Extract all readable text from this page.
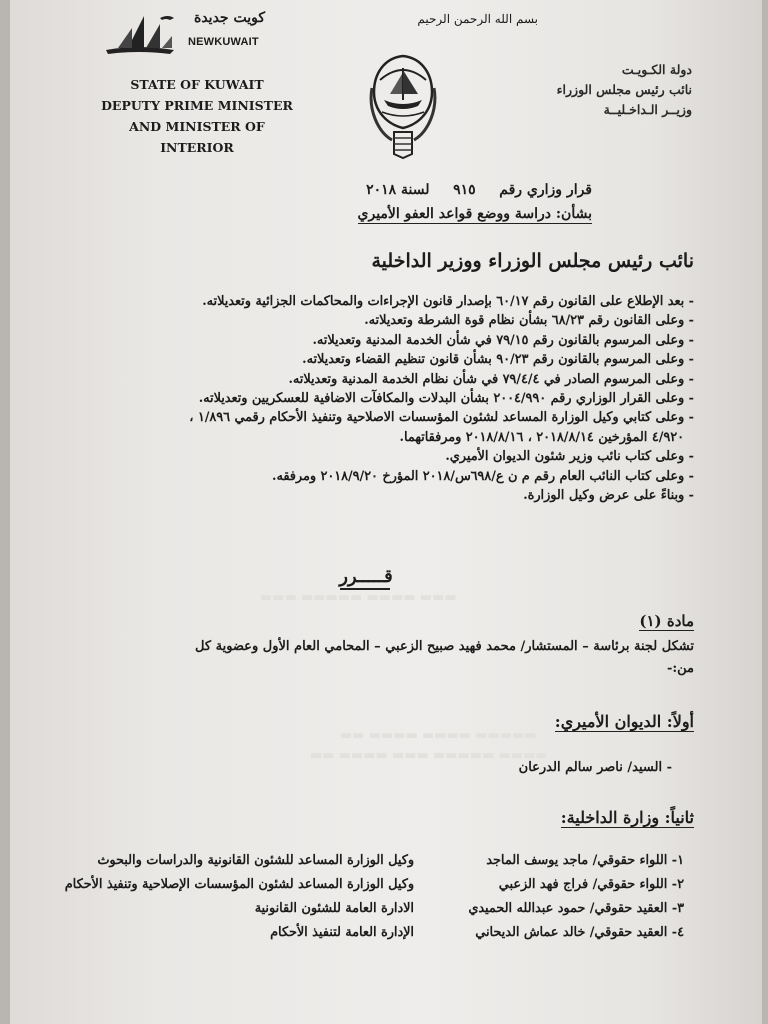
كويت جديدة
NEWKUWAIT
STATE OF KUWAIT
DEPUTY PRIME MINISTER
AND MINISTER OF INTERIOR
بسم الله الرحمن الرحيم
دولة الكـويـت
نائب رئيس مجلس الوزراء
وزيــر الـداخـليــة
قرار وزاري رقم ٩١٥ لسنة ٢٠١٨
بشأن: دراسة ووضع قواعد العفو الأميري
نائب رئيس مجلس الوزراء ووزير الداخلية
- بعد الإطلاع على القانون رقم ٦٠/١٧ بإصدار قانون الإجراءات والمحاكمات الجزائية وتعديلاته.
- وعلى القانون رقم ٦٨/٢٣ بشأن نظام قوة الشرطة وتعديلاته.
- وعلى المرسوم بالقانون رقم ٧٩/١٥ في شأن الخدمة المدنية وتعديلاته.
- وعلى المرسوم بالقانون رقم ٩٠/٢٣ بشأن قانون تنظيم القضاء وتعديلاته.
- وعلى المرسوم الصادر في ٧٩/٤/٤ في شأن نظام الخدمة المدنية وتعديلاته.
- وعلى القرار الوزاري رقم ٢٠٠٤/٩٩٠ بشأن البدلات والمكافآت الاضافية للعسكريين وتعديلاته.
- وعلى كتابي وكيل الوزارة المساعد لشئون المؤسسات الاصلاحية وتنفيذ الأحكام رقمي ١/٨٩٦ ،
٤/٩٢٠ المؤرخين ٢٠١٨/٨/١٤ ، ٢٠١٨/٨/١٦ ومرفقاتهما.
- وعلى كتاب نائب وزير شئون الديوان الأميري.
- وعلى كتاب النائب العام رقم م ن ع/٦٩٨س/٢٠١٨ المؤرخ ٢٠١٨/٩/٢٠ ومرفقه.
- وبناءً على عرض وكيل الوزارة.
قـــــرر
▬▬▬ ▬▬▬▬ ▬▬▬▬▬ ▬▬▬
▬▬▬▬▬ ▬▬▬▬ ▬▬▬▬ ▬▬
▬▬▬▬ ▬▬▬▬▬ ▬▬▬ ▬▬▬▬ ▬▬
مادة (١)
تشكل لجنة برئاسة – المستشار/ محمد فهيد صبيح الزعبي – المحامي العام الأول وعضوية كل
من:-
أولاً: الديوان الأميري:
- السيد/ ناصر سالم الدرعان
ثانياً: وزارة الداخلية:
١- اللواء حقوقي/ ماجد يوسف الماجد
وكيل الوزارة المساعد للشئون القانونية والدراسات والبحوث
٢- اللواء حقوقي/ فراج فهد الزعبي
وكيل الوزارة المساعد لشئون المؤسسات الإصلاحية وتنفيذ الأحكام
٣- العقيد حقوقي/ حمود عبدالله الحميدي
الادارة العامة للشئون القانونية
٤- العقيد حقوقي/ خالد عماش الديحاني
الإدارة العامة لتنفيذ الأحكام
